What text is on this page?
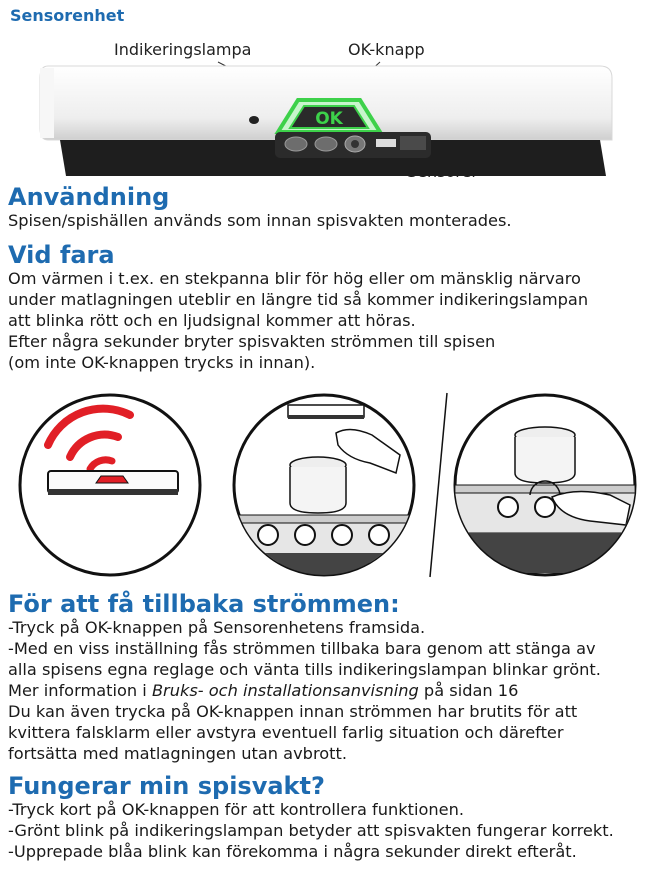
Sensorenhet
Indikeringslampa	OK-knapp
OK
Användning
Spisen/spishällen används som innan spisvakten monterades.
Vid fara
Om värmen i t.ex. en stekpanna blir för hög eller om mänsklig närvaro
under matlagningen uteblir en längre tid så kommer indikeringslampan
att blinka rött och en ljudsignal kommer att höras.
Efter några sekunder bryter spisvakten strömmen till spisen
(om inte OK-knappen trycks in innan).
För att få tillbaka strömmen:
-Tryck på OK-knappen på Sensorenhetens framsida.
-Med en viss inställning fås strömmen tillbaka bara genom att stänga av
alla spisens egna reglage och vänta tills indikeringslampan blinkar grönt.
Mer information i Bruks- och installationsanvisning på sidan 16
Du kan även trycka på OK-knappen innan strömmen har brutits för att
kvittera falsklarm eller avstyra eventuell farlig situation och därefter
fortsätta med matlagningen utan avbrott.
Fungerar min spisvakt?
-Tryck kort på OK-knappen för att kontrollera funktionen.
-Grönt blink på indikeringslampan betyder att spisvakten fungerar korrekt.
-Upprepade blåa blink kan förekomma i några sekunder direkt efteråt.
